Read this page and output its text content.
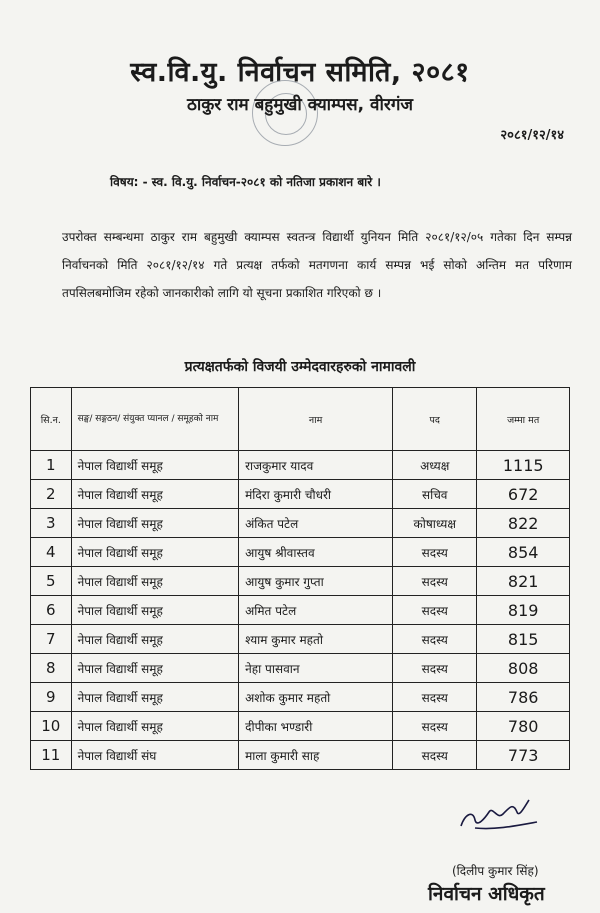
स्व.वि.यु. निर्वाचन समिति, २०८१
ठाकुर राम बहुमुखी क्याम्पस, वीरगंज
२०८१/१२/१४
विषय: - स्व. वि.यु. निर्वाचन-२०८१ को नतिजा प्रकाशन बारे ।
उपरोक्त सम्बन्धमा ठाकुर राम बहुमुखी क्याम्पस स्वतन्त्र विद्यार्थी युनियन मिति २०८१/१२/०५ गतेका दिन सम्पन्न निर्वाचनको मिति २०८१/१२/१४ गते प्रत्यक्ष तर्फको मतगणना कार्य सम्पन्न भई सोको अन्तिम मत परिणाम तपसिलबमोजिम रहेको जानकारीको लागि यो सूचना प्रकाशित गरिएको छ ।
प्रत्यक्षतर्फको विजयी उम्मेदवारहरुको नामावली
सि.न.	सङ्घ/ सङ्गठन/ संयुक्त प्यानल / समूहको नाम	नाम	पद	जम्मा मत
1	नेपाल विद्यार्थी समूह	राजकुमार यादव	अध्यक्ष	1115
2	नेपाल विद्यार्थी समूह	मंदिरा कुमारी चौधरी	सचिव	672
3	नेपाल विद्यार्थी समूह	अंकित पटेल	कोषाध्यक्ष	822
4	नेपाल विद्यार्थी समूह	आयुष श्रीवास्तव	सदस्य	854
5	नेपाल विद्यार्थी समूह	आयुष कुमार गुप्ता	सदस्य	821
6	नेपाल विद्यार्थी समूह	अमित पटेल	सदस्य	819
7	नेपाल विद्यार्थी समूह	श्याम कुमार महतो	सदस्य	815
8	नेपाल विद्यार्थी समूह	नेहा पासवान	सदस्य	808
9	नेपाल विद्यार्थी समूह	अशोक कुमार महतो	सदस्य	786
10	नेपाल विद्यार्थी समूह	दीपीका भण्डारी	सदस्य	780
11	नेपाल विद्यार्थी संघ	माला कुमारी साह	सदस्य	773
(दिलीप कुमार सिंह)
निर्वाचन अधिकृत
